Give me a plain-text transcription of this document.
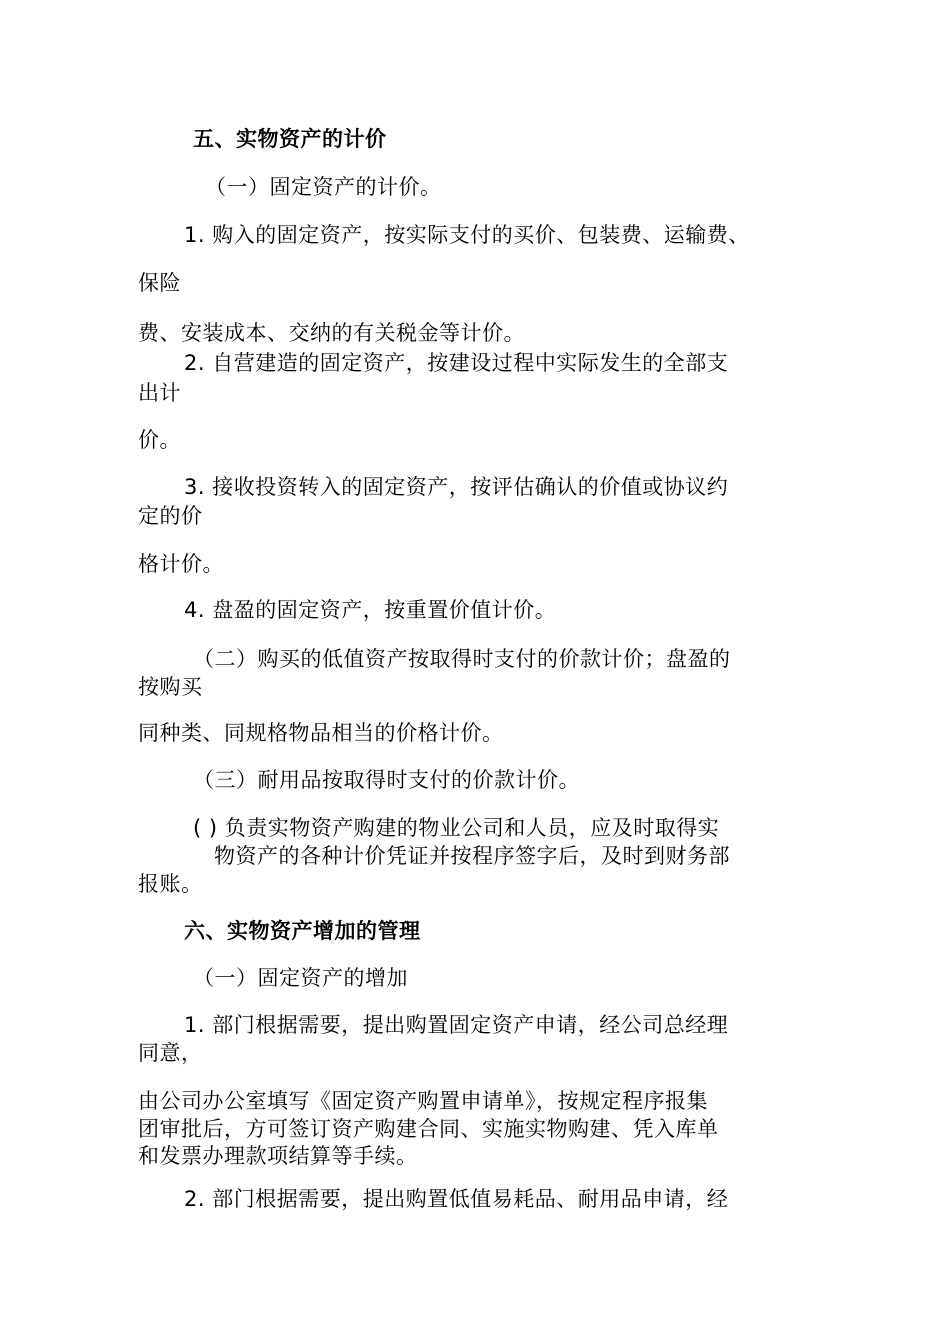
五、实物资产的计价
（一）固定资产的计价。
1. 购入的固定资产，按实际支付的买价、包装费、运输费、
保险
费、安装成本、交纳的有关税金等计价。
2. 自营建造的固定资产，按建设过程中实际发生的全部支
出计
价。
3. 接收投资转入的固定资产，按评估确认的价值或协议约
定的价
格计价。
4. 盘盈的固定资产，按重置价值计价。
（二）购买的低值资产按取得时支付的价款计价；盘盈的
按购买
同种类、同规格物品相当的价格计价。
（三）耐用品按取得时支付的价款计价。
( ) 负责实物资产购建的物业公司和人员，应及时取得实
物资产的各种计价凭证并按程序签字后，及时到财务部
报账。
六、实物资产增加的管理
（一）固定资产的增加
1. 部门根据需要，提出购置固定资产申请，经公司总经理
同意，
由公司办公室填写《固定资产购置申请单》，按规定程序报集
团审批后，方可签订资产购建合同、实施实物购建、凭入库单
和发票办理款项结算等手续。
2. 部门根据需要，提出购置低值易耗品、耐用品申请，经
